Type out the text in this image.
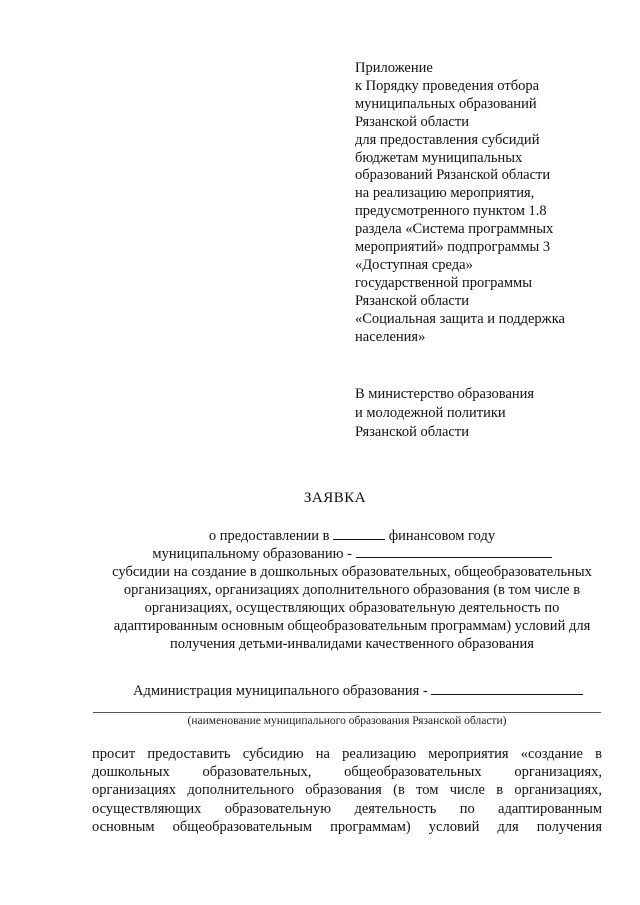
Приложение
к Порядку проведения отбора
муниципальных образований
Рязанской области
для предоставления субсидий
бюджетам муниципальных
образований Рязанской области
на реализацию мероприятия,
предусмотренного пунктом 1.8
раздела «Система программных
мероприятий» подпрограммы 3
«Доступная среда»
государственной программы
Рязанской области
«Социальная защита и поддержка
населения»
В министерство образования
и молодежной политики
Рязанской области
ЗАЯВКА
о предоставлении в	финансовом году
муниципальному образованию -
субсидии на создание в дошкольных образовательных, общеобразовательных
организациях, организациях дополнительного образования (в том числе в
организациях, осуществляющих образовательную деятельность по
адаптированным основным общеобразовательным программам) условий для
получения детьми-инвалидами качественного образования
Администрация муниципального образования -
(наименование муниципального образования Рязанской области)
просит предоставить субсидию на реализацию мероприятия «создание в
дошкольных образовательных, общеобразовательных организациях,
организациях дополнительного образования (в том числе в организациях,
осуществляющих образовательную деятельность по адаптированным
основным общеобразовательным программам) условий для получения
